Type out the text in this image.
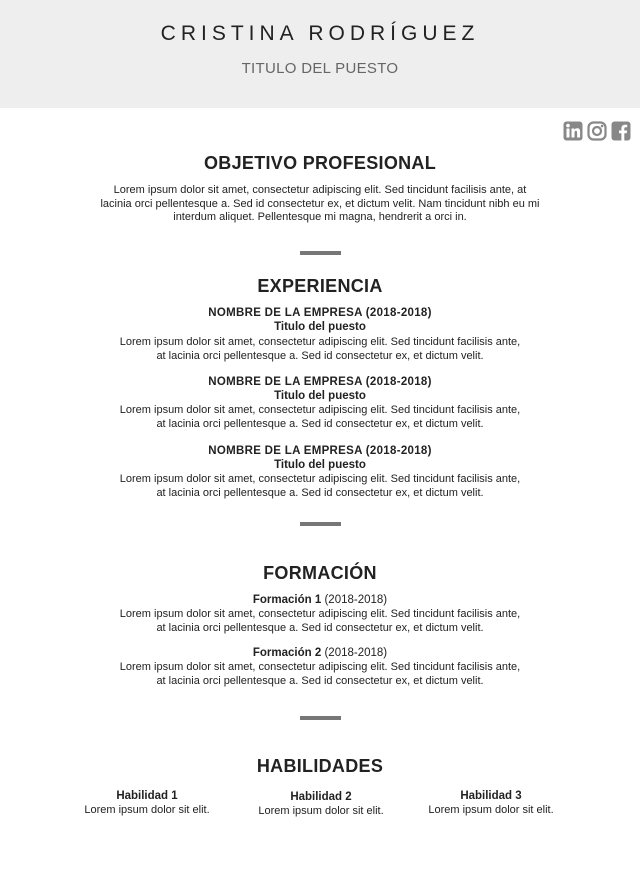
CRISTINA RODRÍGUEZ
TITULO DEL PUESTO
OBJETIVO PROFESIONAL
Lorem ipsum dolor sit amet, consectetur adipiscing elit. Sed tincidunt facilisis ante, at
lacinia orci pellentesque a. Sed id consectetur ex, et dictum velit. Nam tincidunt nibh eu mi
interdum aliquet. Pellentesque mi magna, hendrerit a orci in.
EXPERIENCIA
NOMBRE DE LA EMPRESA (2018-2018)
Titulo del puesto
Lorem ipsum dolor sit amet, consectetur adipiscing elit. Sed tincidunt facilisis ante,
at lacinia orci pellentesque a. Sed id consectetur ex, et dictum velit.
NOMBRE DE LA EMPRESA (2018-2018)
Titulo del puesto
Lorem ipsum dolor sit amet, consectetur adipiscing elit. Sed tincidunt facilisis ante,
at lacinia orci pellentesque a. Sed id consectetur ex, et dictum velit.
NOMBRE DE LA EMPRESA (2018-2018)
Titulo del puesto
Lorem ipsum dolor sit amet, consectetur adipiscing elit. Sed tincidunt facilisis ante,
at lacinia orci pellentesque a. Sed id consectetur ex, et dictum velit.
FORMACIÓN
Formación 1 (2018-2018)
Lorem ipsum dolor sit amet, consectetur adipiscing elit. Sed tincidunt facilisis ante,
at lacinia orci pellentesque a. Sed id consectetur ex, et dictum velit.
Formación 2 (2018-2018)
Lorem ipsum dolor sit amet, consectetur adipiscing elit. Sed tincidunt facilisis ante,
at lacinia orci pellentesque a. Sed id consectetur ex, et dictum velit.
HABILIDADES
Habilidad 1
Lorem ipsum dolor sit elit.
Habilidad 2
Lorem ipsum dolor sit elit.
Habilidad 3
Lorem ipsum dolor sit elit.
